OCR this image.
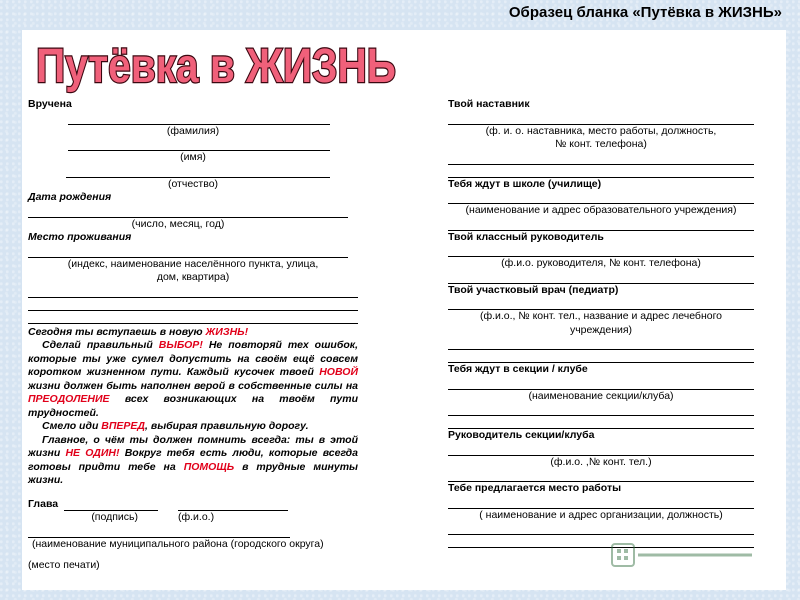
Образец бланка «Путёвка в ЖИЗНЬ»
Путёвка в ЖИЗНЬ
Вручена
(фамилия)
(имя)
(отчество)
Дата рождения
(число, месяц, год)
Место проживания
(индекс, наименование населённого пункта, улица,
дом, квартира)
Сегодня ты вступаешь в новую ЖИЗНЬ!
Сделай правильный ВЫБОР! Не повторяй тех ошибок, которые ты уже сумел допустить на своём ещё совсем коротком жизненном пути. Каждый кусочек твоей НОВОЙ жизни должен быть наполнен верой в собственные силы на ПРЕОДОЛЕНИЕ всех возникающих на твоём пути трудностей.
Смело иди ВПЕРЕД, выбирая правильную дорогу.
Главное, о чём ты должен помнить всегда: ты в этой жизни НЕ ОДИН! Вокруг тебя есть люди, которые всегда готовы придти тебе на ПОМОЩЬ в трудные минуты жизни.
Глава
(подпись)	(ф.и.о.)
(наименование муниципального района (городского округа)
(место печати)
Твой наставник
(ф. и. о. наставника, место работы, должность,
№ конт. телефона)
Тебя ждут в школе (училище)
(наименование и адрес образовательного учреждения)
Твой классный руководитель
(ф.и.о. руководителя, № конт. телефона)
Твой участковый врач (педиатр)
(ф.и.о., № конт. тел., название и адрес лечебного
учреждения)
Тебя ждут в секции / клубе
(наименование секции/клуба)
Руководитель секции/клуба
(ф.и.о. ,№ конт. тел.)
Тебе предлагается место работы
( наименование и адрес организации, должность)
